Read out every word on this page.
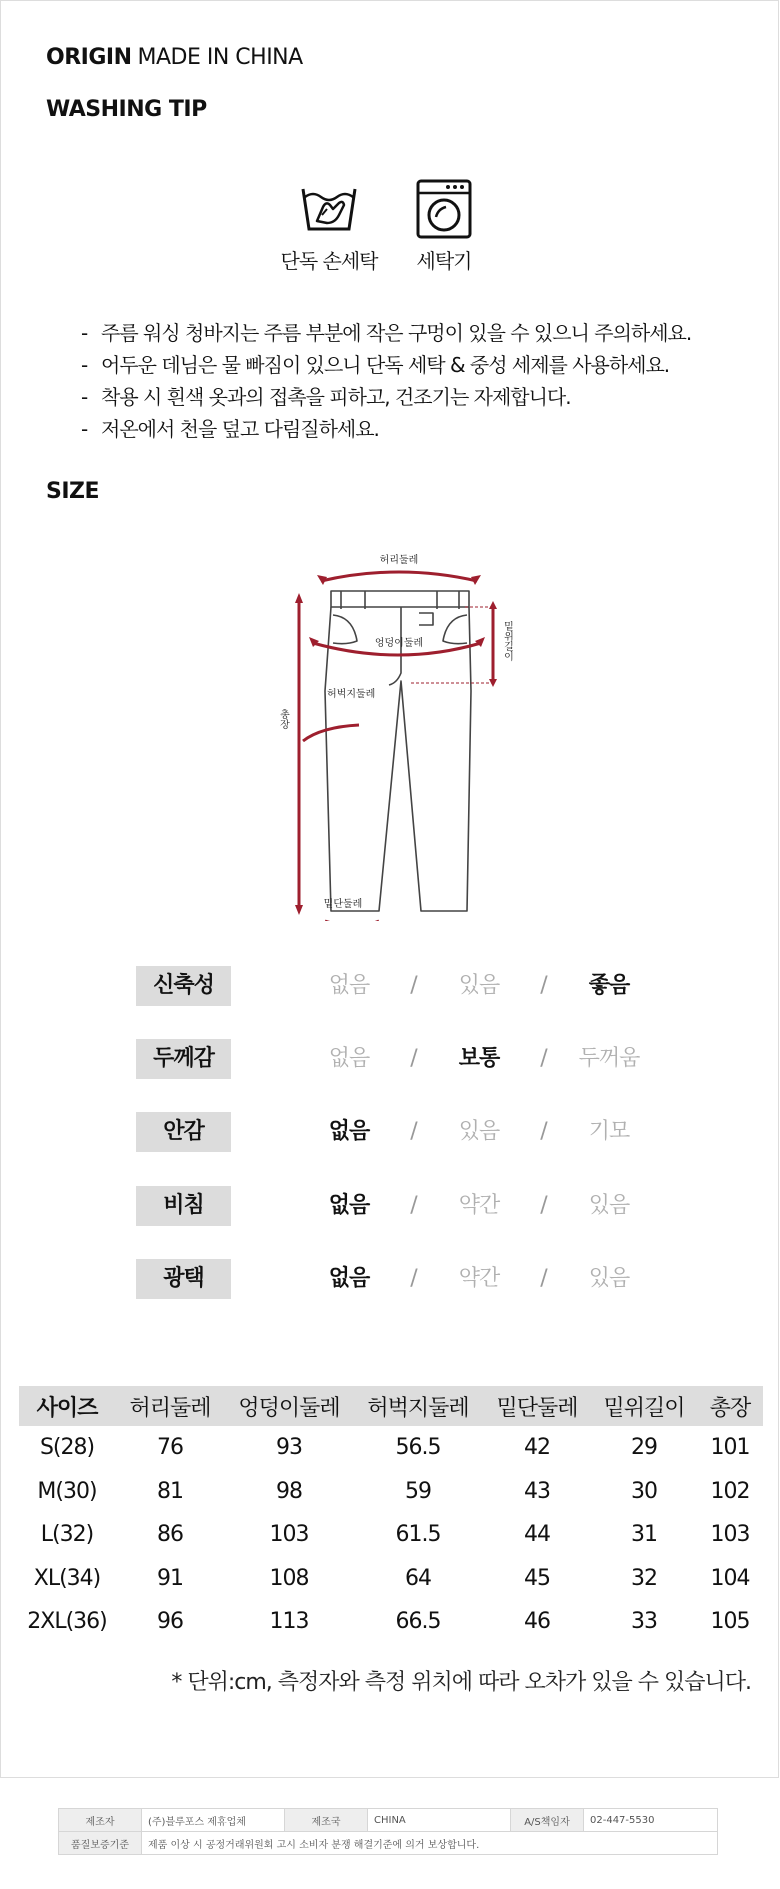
ORIGIN MADE IN CHINA
WASHING TIP
단독 손세탁	세탁기
- 주름 워싱 청바지는 주름 부분에 작은 구멍이 있을 수 있으니 주의하세요.
- 어두운 데님은 물 빠짐이 있으니 단독 세탁 & 중성 세제를 사용하세요.
- 착용 시 흰색 옷과의 접촉을 피하고, 건조기는 자제합니다.
- 저온에서 천을 덮고 다림질하세요.
SIZE
허리둘레
엉덩이둘레
허벅지둘레
밑단둘레
총장
밑위길이
신축성	없음	/	있음	/	좋음
두께감	없음	/	보통	/	두꺼움
안감	없음	/	있음	/	기모
비침	없음	/	약간	/	있음
광택	없음	/	약간	/	있음
사이즈	허리둘레	엉덩이둘레	허벅지둘레	밑단둘레	밑위길이	총장
S(28)	76	93	56.5	42	29	101
M(30)	81	98	59	43	30	102
L(32)	86	103	61.5	44	31	103
XL(34)	91	108	64	45	32	104
2XL(36)	96	113	66.5	46	33	105
* 단위:cm, 측정자와 측정 위치에 따라 오차가 있을 수 있습니다.
제조자	(주)블루포스 제휴업체	제조국	CHINA	A/S책임자	02-447-5530
품질보증기준	제품 이상 시 공정거래위원회 고시 소비자 분쟁 해결기준에 의거 보상합니다.				
